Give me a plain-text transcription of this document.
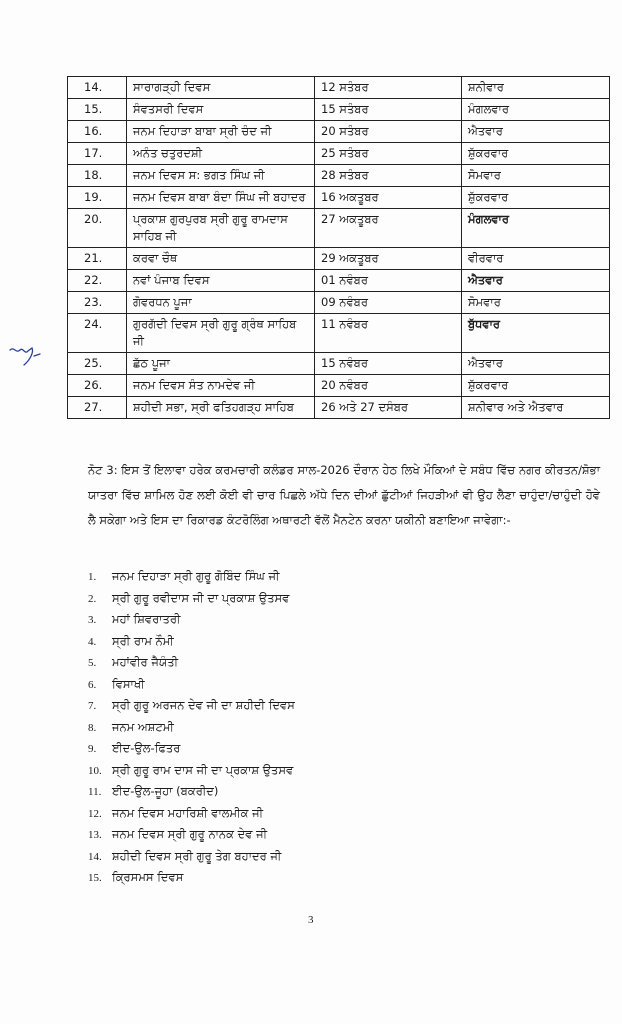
14.	ਸਾਰਾਗੜ੍ਹੀ ਦਿਵਸ	12 ਸਤੰਬਰ	ਸ਼ਨੀਵਾਰ
15.	ਸੰਵਤਸਰੀ ਦਿਵਸ	15 ਸਤੰਬਰ	ਮੰਗਲਵਾਰ
16.	ਜਨਮ ਦਿਹਾੜਾ ਬਾਬਾ ਸ੍ਰੀ ਚੰਦ ਜੀ	20 ਸਤੰਬਰ	ਐਤਵਾਰ
17.	ਅਨੰਤ ਚਤੁਰਦਸ਼ੀ	25 ਸਤੰਬਰ	ਸ਼ੁੱਕਰਵਾਰ
18.	ਜਨਮ ਦਿਵਸ ਸ: ਭਗਤ ਸਿੰਘ ਜੀ	28 ਸਤੰਬਰ	ਸੋਮਵਾਰ
19.	ਜਨਮ ਦਿਵਸ ਬਾਬਾ ਬੰਦਾ ਸਿੰਘ ਜੀ ਬਹਾਦਰ	16 ਅਕਤੂਬਰ	ਸ਼ੁੱਕਰਵਾਰ
20.	ਪ੍ਰਕਾਸ਼ ਗੁਰਪੁਰਬ ਸ੍ਰੀ ਗੁਰੂ ਰਾਮਦਾਸ ਸਾਹਿਬ ਜੀ	27 ਅਕਤੂਬਰ	ਮੰਗਲਵਾਰ
21.	ਕਰਵਾ ਚੌਥ	29 ਅਕਤੂਬਰ	ਵੀਰਵਾਰ
22.	ਨਵਾਂ ਪੰਜਾਬ ਦਿਵਸ	01 ਨਵੰਬਰ	ਐਤਵਾਰ
23.	ਗੋਵਰਧਨ ਪੂਜਾ	09 ਨਵੰਬਰ	ਸੋਮਵਾਰ
24.	ਗੁਰਗੱਦੀ ਦਿਵਸ ਸ੍ਰੀ ਗੁਰੂ ਗ੍ਰੰਥ ਸਾਹਿਬ ਜੀ	11 ਨਵੰਬਰ	ਬੁੱਧਵਾਰ
25.	ਛੱਠ ਪੂਜਾ	15 ਨਵੰਬਰ	ਐਤਵਾਰ
26.	ਜਨਮ ਦਿਵਸ ਸੰਤ ਨਾਮਦੇਵ ਜੀ	20 ਨਵੰਬਰ	ਸ਼ੁੱਕਰਵਾਰ
27.	ਸ਼ਹੀਦੀ ਸਭਾ, ਸ੍ਰੀ ਫਤਿਹਗੜ੍ਹ ਸਾਹਿਬ	26 ਅਤੇ 27 ਦਸੰਬਰ	ਸ਼ਨੀਵਾਰ ਅਤੇ ਐਤਵਾਰ
ਨੋਟ 3: ਇਸ ਤੋਂ ਇਲਾਵਾ ਹਰੇਕ ਕਰਮਚਾਰੀ ਕਲੰਡਰ ਸਾਲ-2026 ਦੌਰਾਨ ਹੇਠ ਲਿਖੇ ਮੌਕਿਆਂ ਦੇ ਸਬੰਧ ਵਿੱਚ ਨਗਰ ਕੀਰਤਨ/ਸ਼ੋਭਾ ਯਾਤਰਾ ਵਿੱਚ ਸ਼ਾਮਿਲ ਹੋਣ ਲਈ ਕੋਈ ਵੀ ਚਾਰ ਪਿਛਲੇ ਅੱਧੇ ਦਿਨ ਦੀਆਂ ਛੁੱਟੀਆਂ ਜਿਹੜੀਆਂ ਵੀ ਉਹ ਲੈਣਾ ਚਾਹੁੰਦਾ/ਚਾਹੁੰਦੀ ਹੋਵੇ ਲੈ ਸਕੇਗਾ ਅਤੇ ਇਸ ਦਾ ਰਿਕਾਰਡ ਕੰਟਰੋਲਿੰਗ ਅਥਾਰਟੀ ਵੱਲੋਂ ਮੈਨਟੇਨ ਕਰਨਾ ਯਕੀਨੀ ਬਣਾਇਆ ਜਾਵੇਗਾ:-
1. ਜਨਮ ਦਿਹਾੜਾ ਸ੍ਰੀ ਗੁਰੂ ਗੋਬਿੰਦ ਸਿੰਘ ਜੀ
2. ਸ੍ਰੀ ਗੁਰੂ ਰਵੀਦਾਸ ਜੀ ਦਾ ਪ੍ਰਕਾਸ਼ ਉਤਸਵ
3. ਮਹਾਂ ਸ਼ਿਵਰਾਤਰੀ
4. ਸ੍ਰੀ ਰਾਮ ਨੌਮੀ
5. ਮਹਾਂਵੀਰ ਜੈਯੰਤੀ
6. ਵਿਸਾਖੀ
7. ਸ੍ਰੀ ਗੁਰੂ ਅਰਜਨ ਦੇਵ ਜੀ ਦਾ ਸ਼ਹੀਦੀ ਦਿਵਸ
8. ਜਨਮ ਅਸ਼ਟਮੀ
9. ਈਦ-ਉਲ-ਫਿਤਰ
10. ਸ੍ਰੀ ਗੁਰੂ ਰਾਮ ਦਾਸ ਜੀ ਦਾ ਪ੍ਰਕਾਸ਼ ਉਤਸਵ
11. ਈਦ-ਉਲ-ਜੂਹਾ (ਬਕਰੀਦ)
12. ਜਨਮ ਦਿਵਸ ਮਹਾਰਿਸ਼ੀ ਵਾਲਮੀਕ ਜੀ
13. ਜਨਮ ਦਿਵਸ ਸ੍ਰੀ ਗੁਰੂ ਨਾਨਕ ਦੇਵ ਜੀ
14. ਸ਼ਹੀਦੀ ਦਿਵਸ ਸ੍ਰੀ ਗੁਰੂ ਤੇਗ ਬਹਾਦਰ ਜੀ
15. ਕ੍ਰਿਸਮਸ ਦਿਵਸ
3
